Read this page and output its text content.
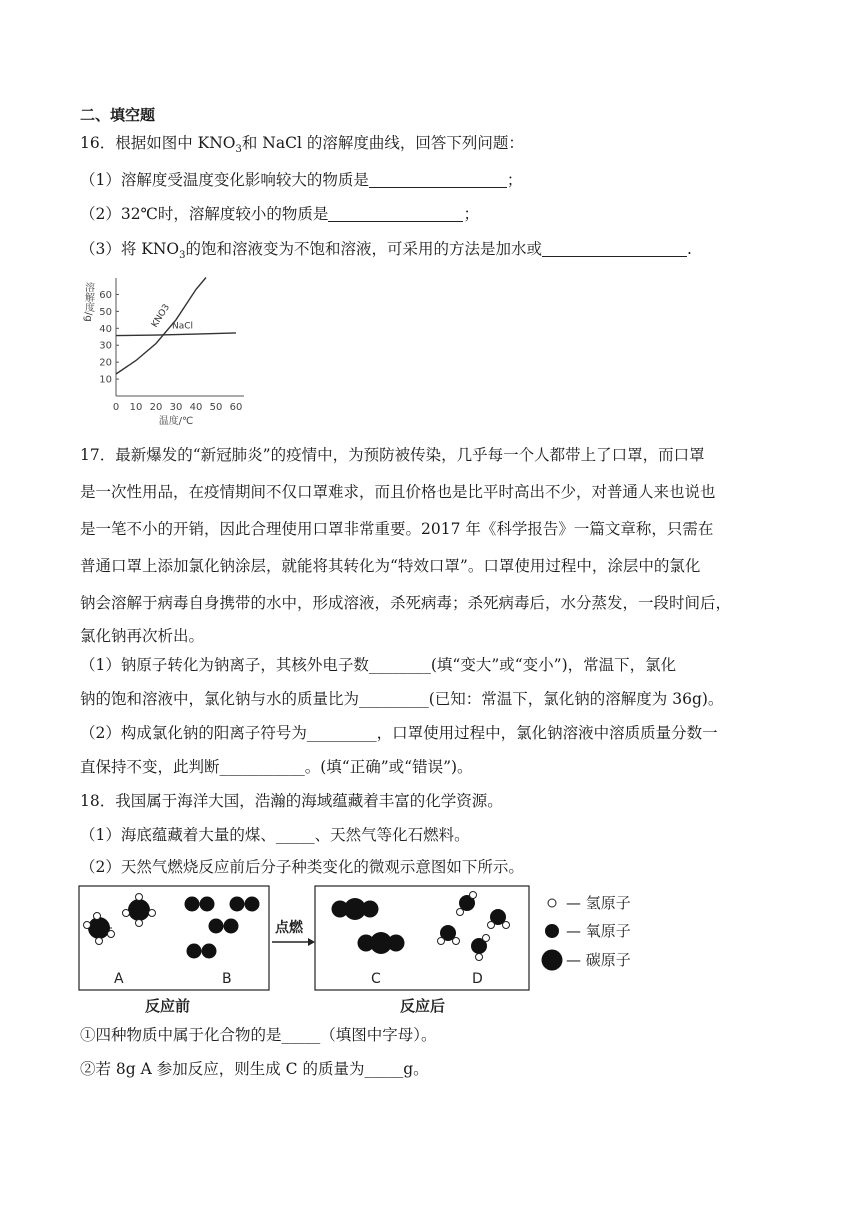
二、填空题
16．根据如图中 $KNO_3$和 NaCl 的溶解度曲线，回答下列问题：
（1）溶解度受温度变化影响较大的物质是	；
（2）32℃时，溶解度较小的物质是	；
（3）将 $KNO_3$的饱和溶液变为不饱和溶液，可采用的方法是加水或	.
10
20
30
40
50
60
0 10 20 30 40 50 60
KNO3 NaCl
溶解度/g
温度/℃
17．最新爆发的“新冠肺炎”的疫情中，为预防被传染，几乎每一个人都带上了口罩，而口罩
是一次性用品，在疫情期间不仅口罩难求，而且价格也是比平时高出不少，对普通人来也说也
是一笔不小的开销，因此合理使用口罩非常重要。2017 年《科学报告》一篇文章称，只需在
普通口罩上添加氯化钠涂层，就能将其转化为“特效口罩”。口罩使用过程中，涂层中的氯化
钠会溶解于病毒自身携带的水中，形成溶液，杀死病毒；杀死病毒后，水分蒸发，一段时间后，
氯化钠再次析出。
（1）钠原子转化为钠离子，其核外电子数________(填“变大”或“变小”)，常温下，氯化
钠的饱和溶液中，氯化钠与水的质量比为_________(已知：常温下，氯化钠的溶解度为 36g)。
（2）构成氯化钠的阳离子符号为_________，口罩使用过程中，氯化钠溶液中溶质质量分数一
直保持不变，此判断___________。(填“正确”或“错误”)。
18．我国属于海洋大国，浩瀚的海域蕴藏着丰富的化学资源。
（1）海底蕴藏着大量的煤、_____、天然气等化石燃料。
（2）天然气燃烧反应前后分子种类变化的微观示意图如下所示。
A	B
反应前
点燃
C	D
反应后
— 氢原子
— 氧原子
— 碳原子
①四种物质中属于化合物的是_____（填图中字母）。
②若 8g A 参加反应，则生成 C 的质量为_____g。
